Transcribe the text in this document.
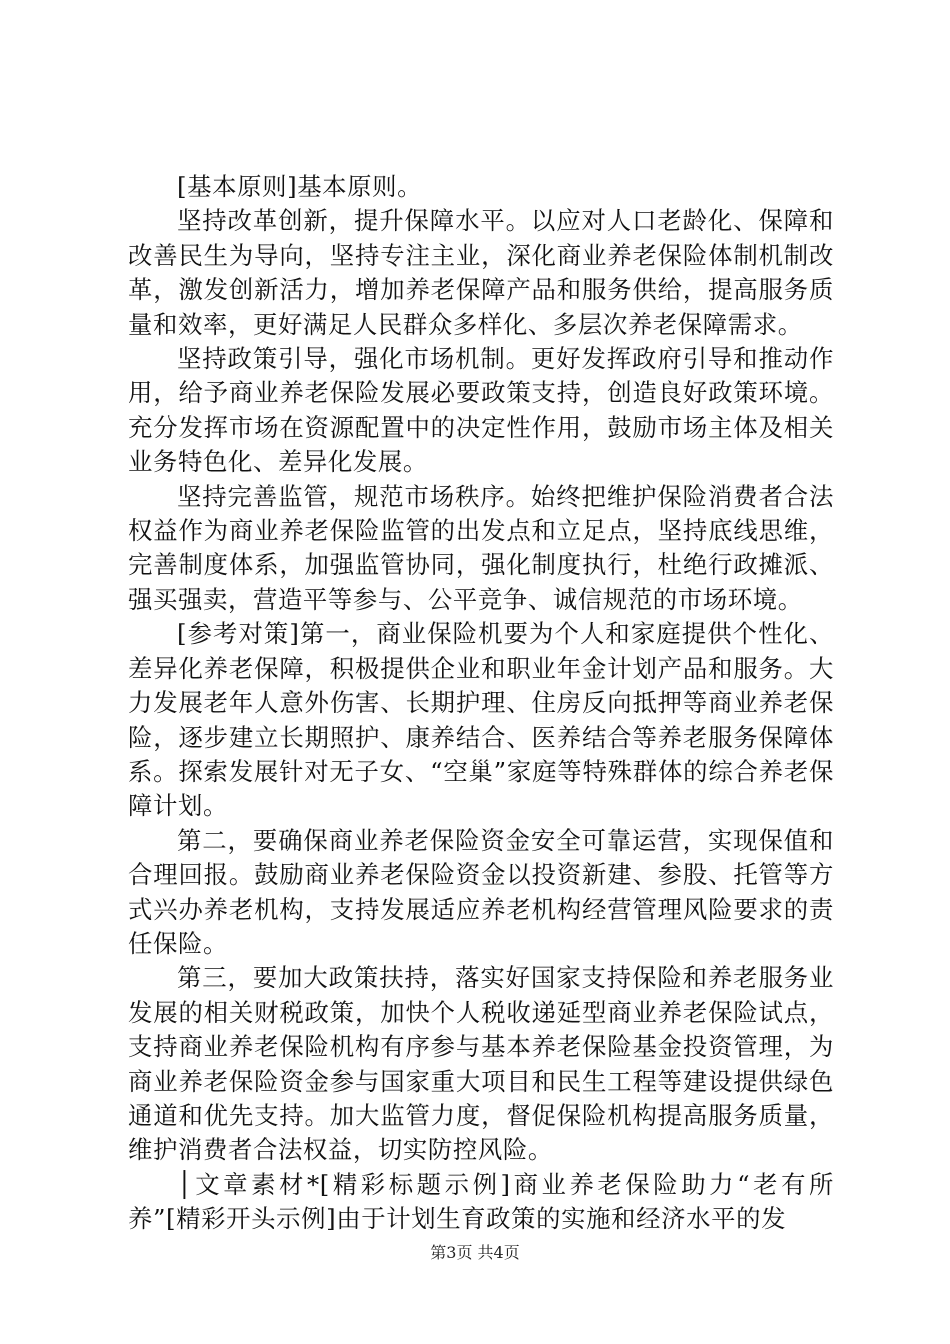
[基本原则]基本原则。

坚持改革创新，提升保障水平。以应对人口老龄化、保障和改善民生为导向，坚持专注主业，深化商业养老保险体制机制改革，激发创新活力，增加养老保障产品和服务供给，提高服务质量和效率，更好满足人民群众多样化、多层次养老保障需求。

坚持政策引导，强化市场机制。更好发挥政府引导和推动作用，给予商业养老保险发展必要政策支持，创造良好政策环境。充分发挥市场在资源配置中的决定性作用，鼓励市场主体及相关业务特色化、差异化发展。

坚持完善监管，规范市场秩序。始终把维护保险消费者合法权益作为商业养老保险监管的出发点和立足点，坚持底线思维，完善制度体系，加强监管协同，强化制度执行，杜绝行政摊派、强买强卖，营造平等参与、公平竞争、诚信规范的市场环境。

[参考对策]第一，商业保险机要为个人和家庭提供个性化、差异化养老保障，积极提供企业和职业年金计划产品和服务。大力发展老年人意外伤害、长期护理、住房反向抵押等商业养老保险，逐步建立长期照护、康养结合、医养结合等养老服务保障体系。探索发展针对无子女、“空巢”家庭等特殊群体的综合养老保障计划。

第二，要确保商业养老保险资金安全可靠运营，实现保值和合理回报。鼓励商业养老保险资金以投资新建、参股、托管等方式兴办养老机构，支持发展适应养老机构经营管理风险要求的责任保险。

第三，要加大政策扶持，落实好国家支持保险和养老服务业发展的相关财税政策，加快个人税收递延型商业养老保险试点，支持商业养老保险机构有序参与基本养老保险基金投资管理，为商业养老保险资金参与国家重大项目和民生工程等建设提供绿色通道和优先支持。加大监管力度，督促保险机构提高服务质量，维护消费者合法权益，切实防控风险。

│文章素材*[精彩标题示例]商业养老保险助力“老有所养”[精彩开头示例]由于计划生育政策的实施和经济水平的发

第3页 共4页
